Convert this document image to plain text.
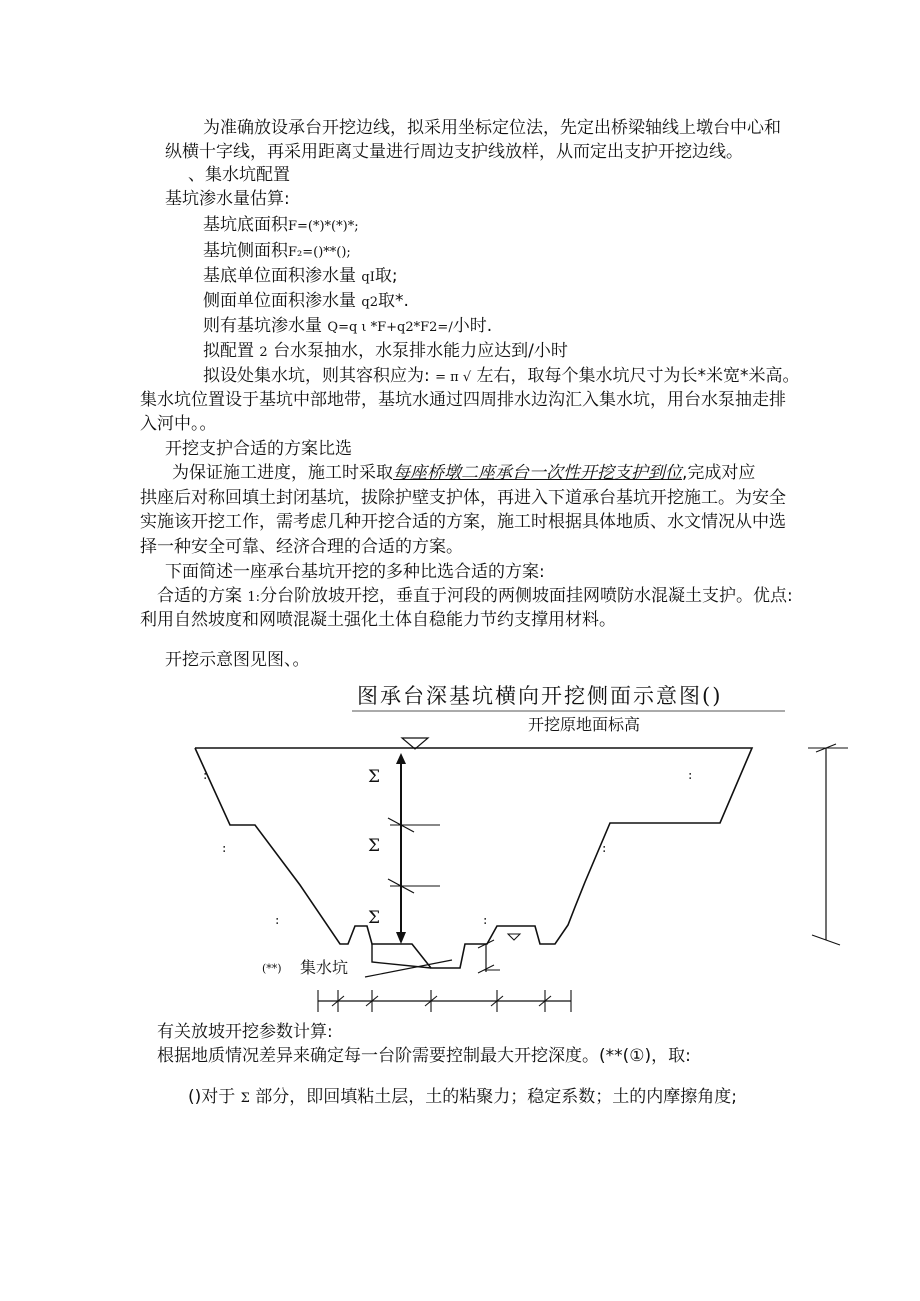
为准确放设承台开挖边线，拟采用坐标定位法，先定出桥梁轴线上墩台中心和
纵横十字线，再采用距离丈量进行周边支护线放样，从而定出支护开挖边线。
、集水坑配置
基坑渗水量估算:
基坑底面积F=(*)*(*)*;
基坑侧面积F₂=()**();
基底单位面积渗水量 qI取;
侧面单位面积渗水量 q2取*.
则有基坑渗水量 Q=q ι *F+q2*F2=/小时.
拟配置 2 台水泵抽水，水泵排水能力应达到/小时
拟设处集水坑，则其容积应为: = π √ 左右，取每个集水坑尺寸为长*米宽*米高。
集水坑位置设于基坑中部地带，基坑水通过四周排水边沟汇入集水坑，用台水泵抽走排
入河中。。
开挖支护合适的方案比选
为保证施工进度，施工时采取每座桥墩二座承台一次性开挖支护到位,完成对应
拱座后对称回填土封闭基坑，拔除护壁支护体，再进入下道承台基坑开挖施工。为安全
实施该开挖工作，需考虑几种开挖合适的方案，施工时根据具体地质、水文情况从中选
择一种安全可靠、经济合理的合适的方案。
下面简述一座承台基坑开挖的多种比选合适的方案:
合适的方案 1:分台阶放坡开挖，垂直于河段的两侧坡面挂网喷防水混凝土支护。优点:
利用自然坡度和网喷混凝土强化土体自稳能力节约支撑用材料。
开挖示意图见图、。
图承台深基坑横向开挖侧面示意图()
开挖原地面标高
Σ
Σ
Σ
:	:
:	:
:	:
(**) 集水坑
有关放坡开挖参数计算:
根据地质情况差异来确定每一台阶需要控制最大开挖深度。(**(①)，取:
()对于 Σ 部分，即回填粘土层，土的粘聚力；稳定系数；土的内摩擦角度;
